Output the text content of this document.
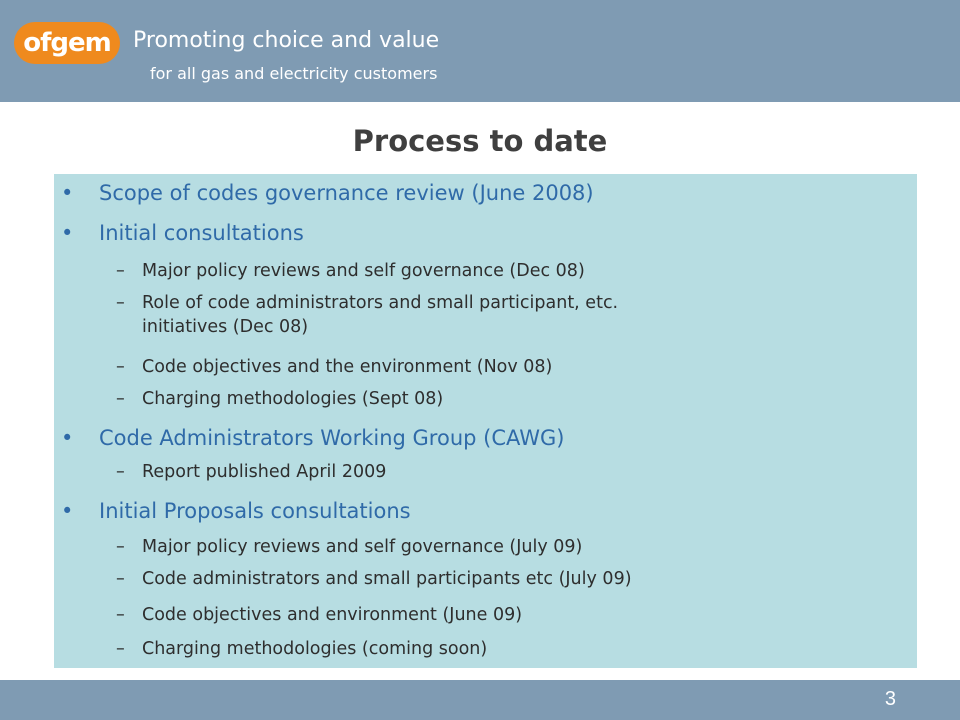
ofgem	Promoting choice and value
for all gas and electricity customers
Process to date
• Scope of codes governance review (June 2008)
• Initial consultations
– Major policy reviews and self governance (Dec 08)
– Role of code administrators and small participant, etc.
initiatives (Dec 08)
– Code objectives and the environment (Nov 08)
– Charging methodologies (Sept 08)
• Code Administrators Working Group (CAWG)
– Report published April 2009
• Initial Proposals consultations
– Major policy reviews and self governance (July 09)
– Code administrators and small participants etc (July 09)
– Code objectives and environment (June 09)
– Charging methodologies (coming soon)
3
